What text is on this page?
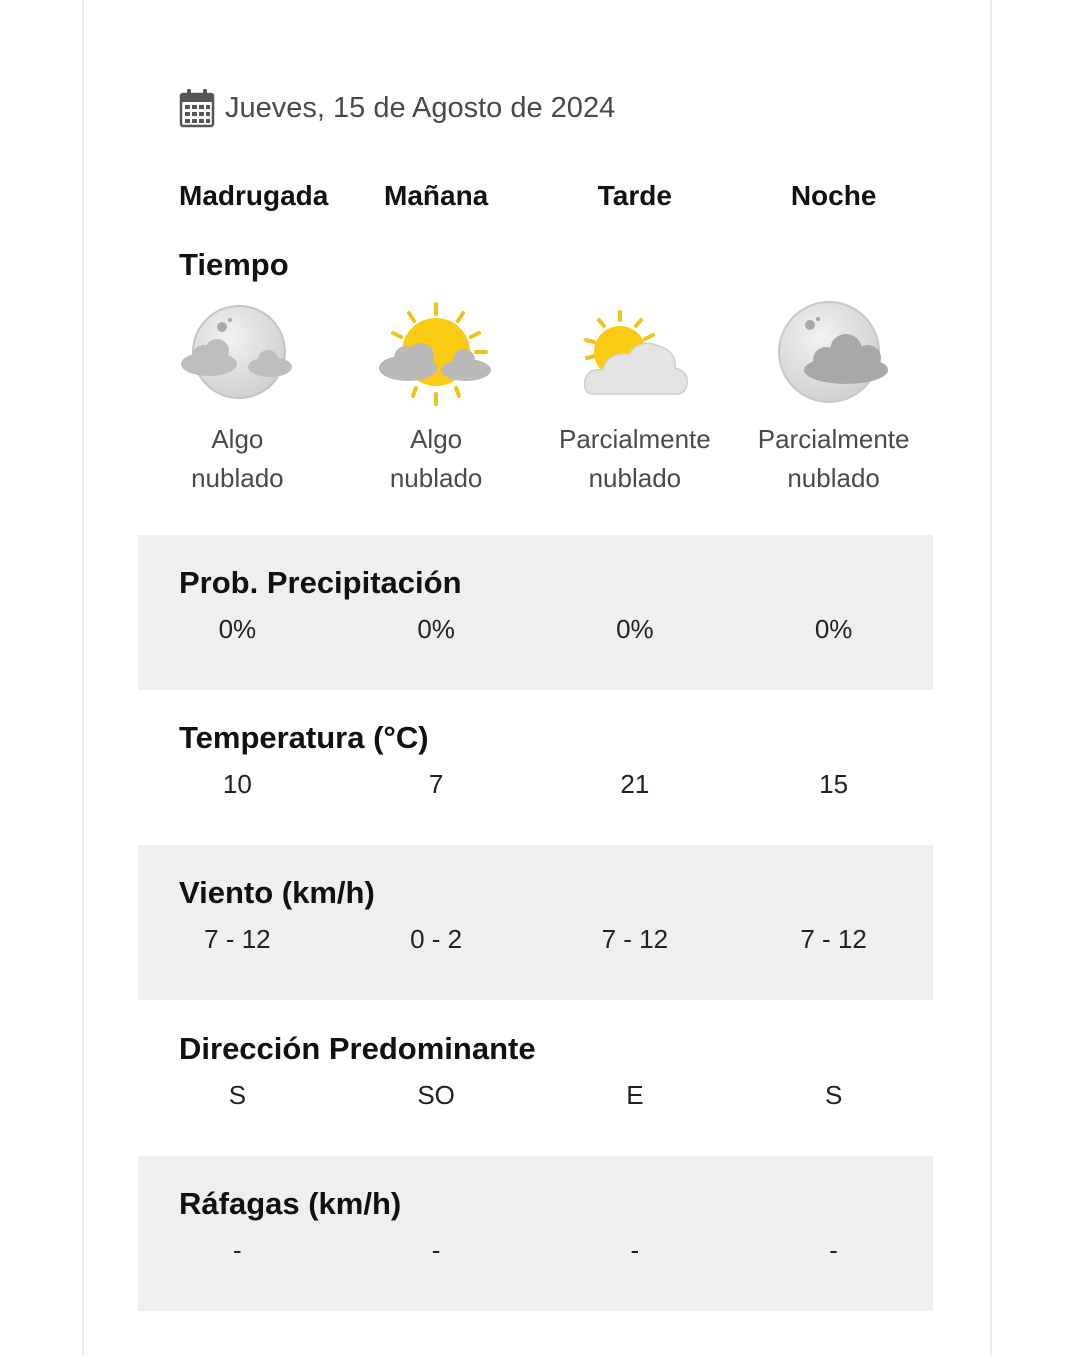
Jueves, 15 de Agosto de 2024
Madrugada	Mañana	Tarde	Noche
Tiempo
Algo
nublado
Algo
nublado
Parcialmente
nublado
Parcialmente
nublado
Prob. Precipitación
0%	0%	0%	0%
Temperatura (°C)
10	7	21	15
Viento (km/h)
7 - 12	0 - 2	7 - 12	7 - 12
Dirección Predominante
S	SO	E	S
Ráfagas (km/h)
-	-	-	-
